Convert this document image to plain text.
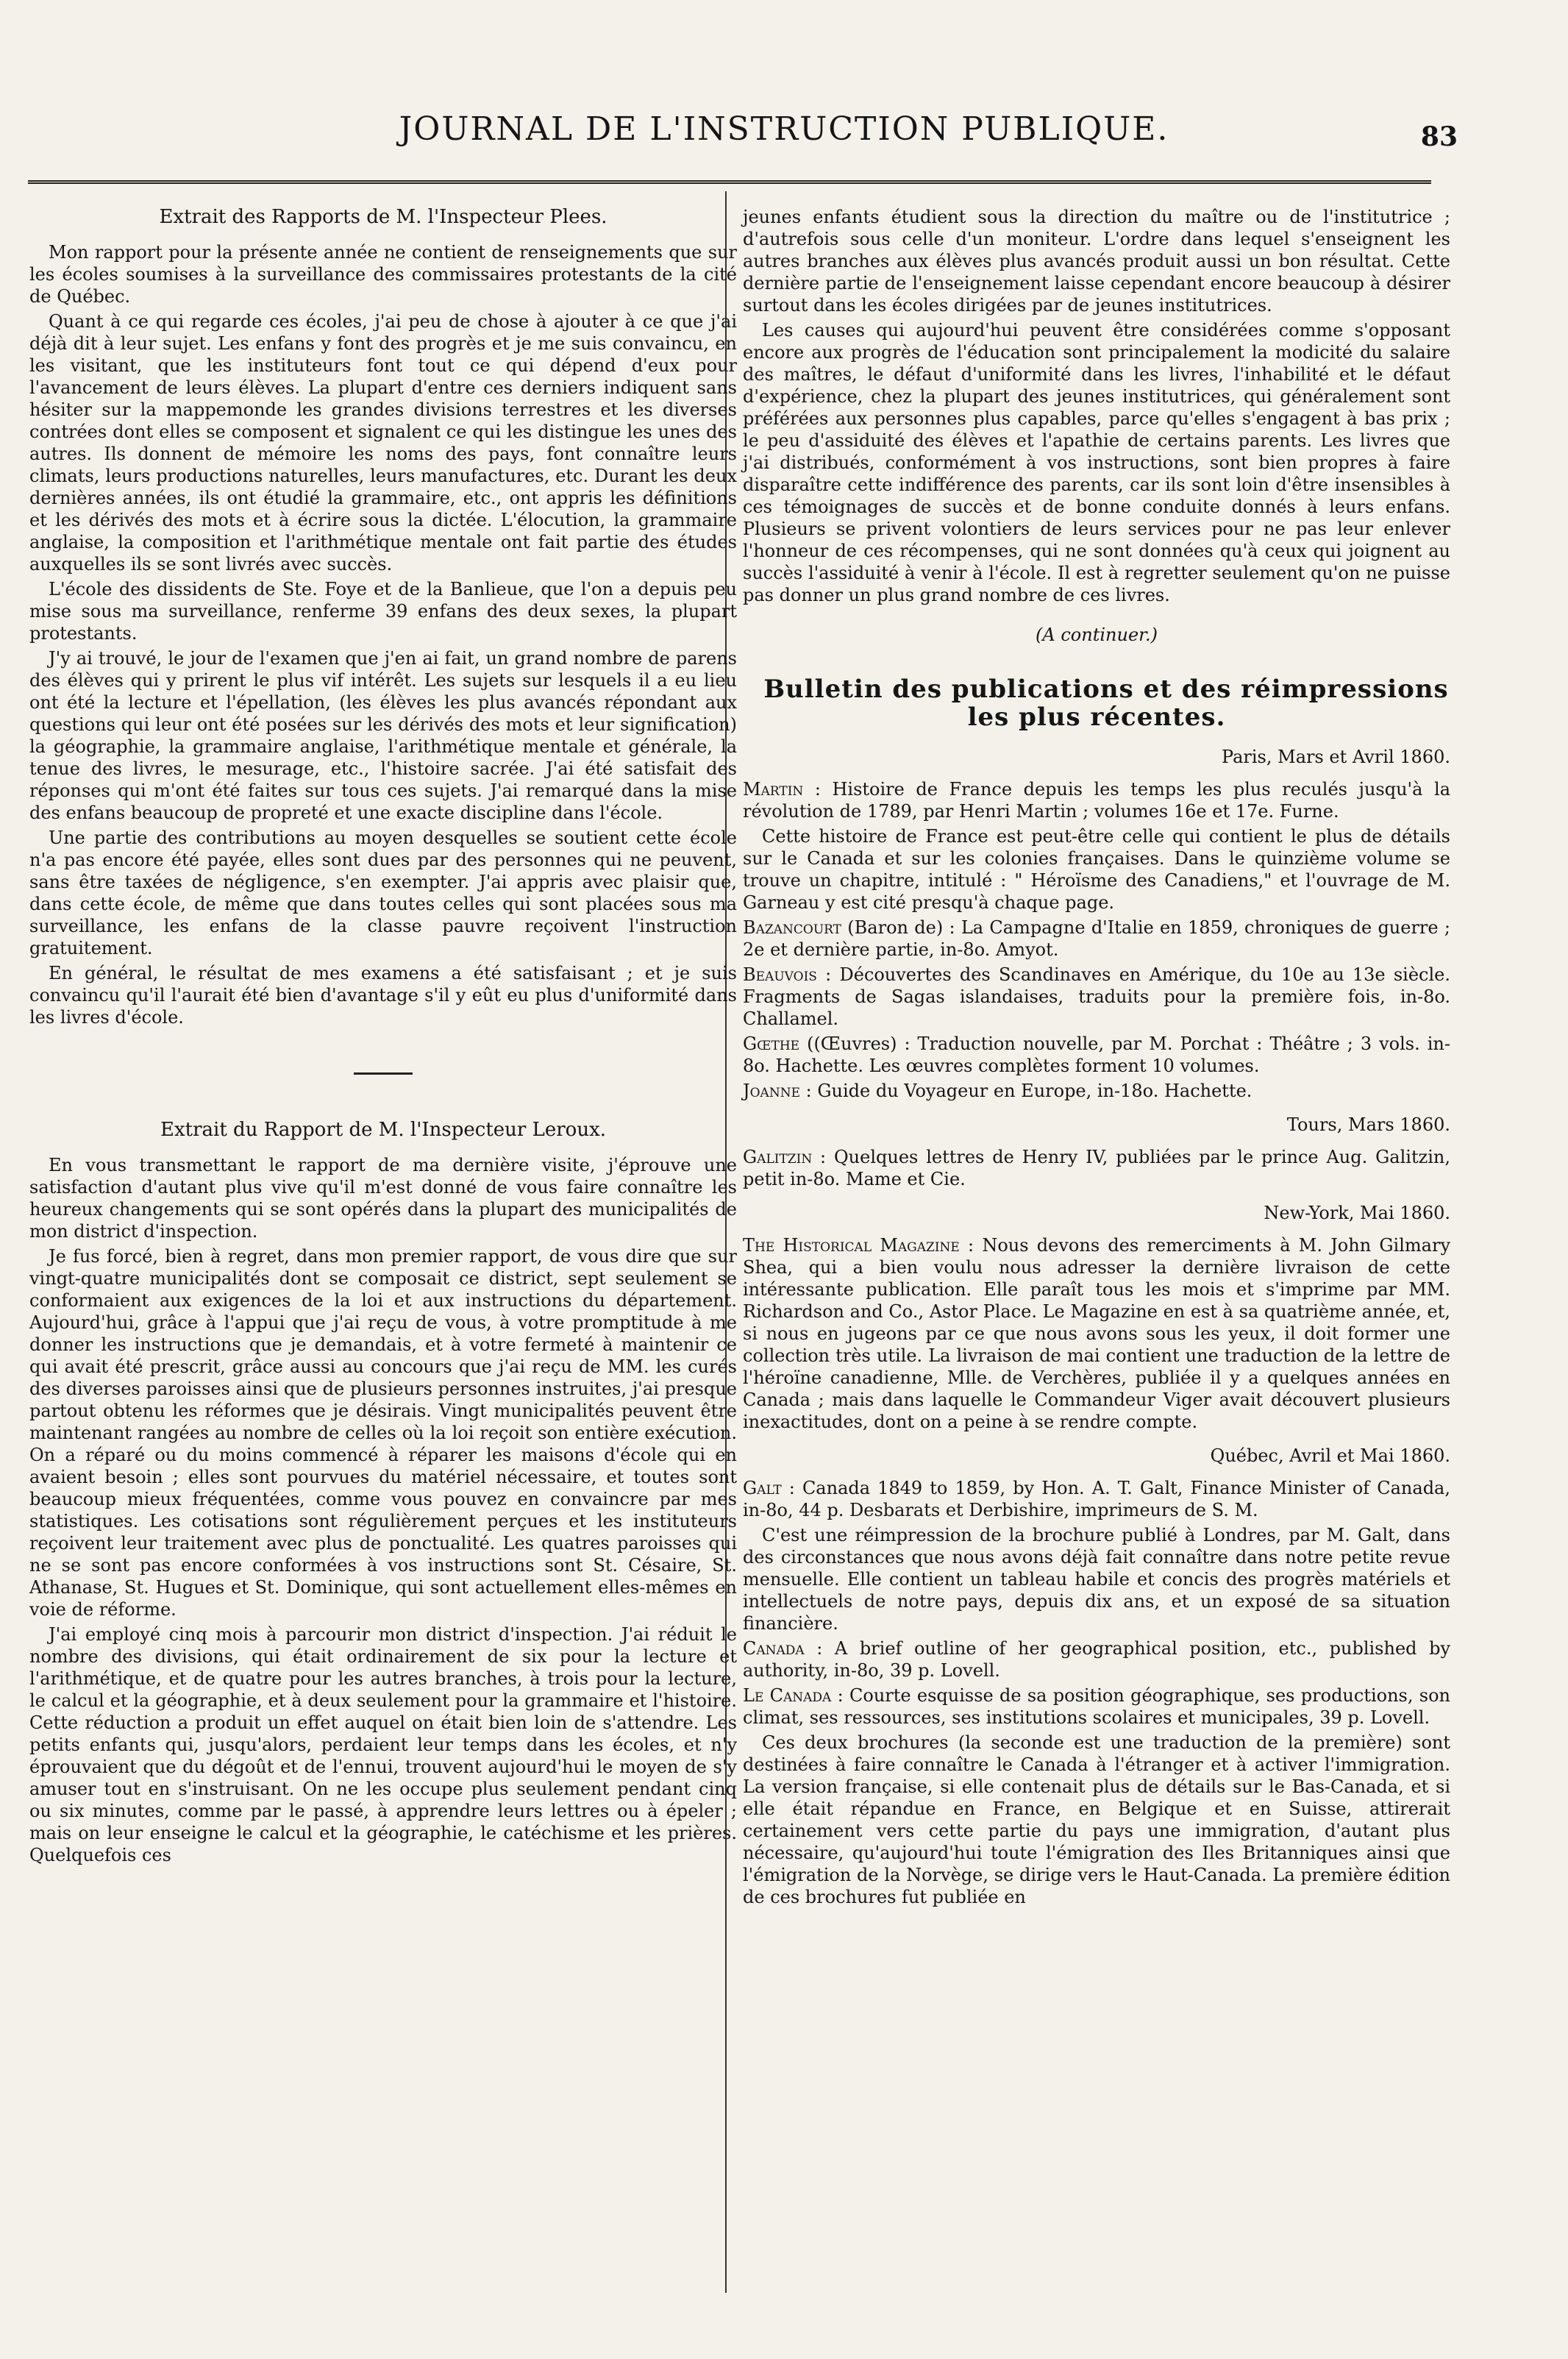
JOURNAL DE L'INSTRUCTION PUBLIQUE.	83

Extrait des Rapports de M. l'Inspecteur Plees.

Mon rapport pour la présente année ne contient de renseignements que sur les écoles soumises à la surveillance des commissaires protestants de la cité de Québec.

Quant à ce qui regarde ces écoles, j'ai peu de chose à ajouter à ce que j'ai déjà dit à leur sujet. Les enfans y font des progrès et je me suis convaincu, en les visitant, que les instituteurs font tout ce qui dépend d'eux pour l'avancement de leurs élèves. La plupart d'entre ces derniers indiquent sans hésiter sur la mappemonde les grandes divisions terrestres et les diverses contrées dont elles se composent et signalent ce qui les distingue les unes des autres. Ils donnent de mémoire les noms des pays, font connaître leurs climats, leurs productions naturelles, leurs manufactures, etc. Durant les deux dernières années, ils ont étudié la grammaire, etc., ont appris les définitions et les dérivés des mots et à écrire sous la dictée. L'élocution, la grammaire anglaise, la composition et l'arithmétique mentale ont fait partie des études auxquelles ils se sont livrés avec succès.

L'école des dissidents de Ste. Foye et de la Banlieue, que l'on a depuis peu mise sous ma surveillance, renferme 39 enfans des deux sexes, la plupart protestants.

J'y ai trouvé, le jour de l'examen que j'en ai fait, un grand nombre de parens des élèves qui y prirent le plus vif intérêt. Les sujets sur lesquels il a eu lieu ont été la lecture et l'épellation, (les élèves les plus avancés répondant aux questions qui leur ont été posées sur les dérivés des mots et leur signification) la géographie, la grammaire anglaise, l'arithmétique mentale et générale, la tenue des livres, le mesurage, etc., l'histoire sacrée. J'ai été satisfait des réponses qui m'ont été faites sur tous ces sujets. J'ai remarqué dans la mise des enfans beaucoup de propreté et une exacte discipline dans l'école.

Une partie des contributions au moyen desquelles se soutient cette école n'a pas encore été payée, elles sont dues par des personnes qui ne peuvent, sans être taxées de négligence, s'en exempter. J'ai appris avec plaisir que, dans cette école, de même que dans toutes celles qui sont placées sous ma surveillance, les enfans de la classe pauvre reçoivent l'instruction gratuitement.

En général, le résultat de mes examens a été satisfaisant ; et je suis convaincu qu'il l'aurait été bien d'avantage s'il y eût eu plus d'uniformité dans les livres d'école.

Extrait du Rapport de M. l'Inspecteur Leroux.

En vous transmettant le rapport de ma dernière visite, j'éprouve une satisfaction d'autant plus vive qu'il m'est donné de vous faire connaître les heureux changements qui se sont opérés dans la plupart des municipalités de mon district d'inspection.

Je fus forcé, bien à regret, dans mon premier rapport, de vous dire que sur vingt-quatre municipalités dont se composait ce district, sept seulement se conformaient aux exigences de la loi et aux instructions du département. Aujourd'hui, grâce à l'appui que j'ai reçu de vous, à votre promptitude à me donner les instructions que je demandais, et à votre fermeté à maintenir ce qui avait été prescrit, grâce aussi au concours que j'ai reçu de MM. les curés des diverses paroisses ainsi que de plusieurs personnes instruites, j'ai presque partout obtenu les réformes que je désirais. Vingt municipalités peuvent être maintenant rangées au nombre de celles où la loi reçoit son entière exécution. On a réparé ou du moins commencé à réparer les maisons d'école qui en avaient besoin ; elles sont pourvues du matériel nécessaire, et toutes sont beaucoup mieux fréquentées, comme vous pouvez en convaincre par mes statistiques. Les cotisations sont régulièrement perçues et les instituteurs reçoivent leur traitement avec plus de ponctualité. Les quatres paroisses qui ne se sont pas encore conformées à vos instructions sont St. Césaire, St. Athanase, St. Hugues et St. Dominique, qui sont actuellement elles-mêmes en voie de réforme.

J'ai employé cinq mois à parcourir mon district d'inspection. J'ai réduit le nombre des divisions, qui était ordinairement de six pour la lecture et l'arithmétique, et de quatre pour les autres branches, à trois pour la lecture, le calcul et la géographie, et à deux seulement pour la grammaire et l'histoire. Cette réduction a produit un effet auquel on était bien loin de s'attendre. Les petits enfants qui, jusqu'alors, perdaient leur temps dans les écoles, et n'y éprouvaient que du dégoût et de l'ennui, trouvent aujourd'hui le moyen de s'y amuser tout en s'instruisant. On ne les occupe plus seulement pendant cinq ou six minutes, comme par le passé, à apprendre leurs lettres ou à épeler ; mais on leur enseigne le calcul et la géographie, le catéchisme et les prières. Quelquefois ces

jeunes enfants étudient sous la direction du maître ou de l'institutrice ; d'autrefois sous celle d'un moniteur. L'ordre dans lequel s'enseignent les autres branches aux élèves plus avancés produit aussi un bon résultat. Cette dernière partie de l'enseignement laisse cependant encore beaucoup à désirer surtout dans les écoles dirigées par de jeunes institutrices.

Les causes qui aujourd'hui peuvent être considérées comme s'opposant encore aux progrès de l'éducation sont principalement la modicité du salaire des maîtres, le défaut d'uniformité dans les livres, l'inhabilité et le défaut d'expérience, chez la plupart des jeunes institutrices, qui généralement sont préférées aux personnes plus capables, parce qu'elles s'engagent à bas prix ; le peu d'assiduité des élèves et l'apathie de certains parents. Les livres que j'ai distribués, conformément à vos instructions, sont bien propres à faire disparaître cette indifférence des parents, car ils sont loin d'être insensibles à ces témoignages de succès et de bonne conduite donnés à leurs enfans. Plusieurs se privent volontiers de leurs services pour ne pas leur enlever l'honneur de ces récompenses, qui ne sont données qu'à ceux qui joignent au succès l'assiduité à venir à l'école. Il est à regretter seulement qu'on ne puisse pas donner un plus grand nombre de ces livres.

(A continuer.)

Bulletin des publications et des réimpressions les plus récentes.

Paris, Mars et Avril 1860.

Martin : Histoire de France depuis les temps les plus reculés jusqu'à la révolution de 1789, par Henri Martin ; volumes 16e et 17e. Furne.

Cette histoire de France est peut-être celle qui contient le plus de détails sur le Canada et sur les colonies françaises. Dans le quinzième volume se trouve un chapitre, intitulé : " Héroïsme des Canadiens," et l'ouvrage de M. Garneau y est cité presqu'à chaque page.

Bazancourt (Baron de) : La Campagne d'Italie en 1859, chroniques de guerre ; 2e et dernière partie, in-8o. Amyot.

Beauvois : Découvertes des Scandinaves en Amérique, du 10e au 13e siècle. Fragments de Sagas islandaises, traduits pour la première fois, in-8o. Challamel.

Gœthe ((Œuvres) : Traduction nouvelle, par M. Porchat : Théâtre ; 3 vols. in-8o. Hachette. Les œuvres complètes forment 10 volumes.

Joanne : Guide du Voyageur en Europe, in-18o. Hachette.

Tours, Mars 1860.

Galitzin : Quelques lettres de Henry IV, publiées par le prince Aug. Galitzin, petit in-8o. Mame et Cie.

New-York, Mai 1860.

The Historical Magazine : Nous devons des remerciments à M. John Gilmary Shea, qui a bien voulu nous adresser la dernière livraison de cette intéressante publication. Elle paraît tous les mois et s'imprime par MM. Richardson and Co., Astor Place. Le Magazine en est à sa quatrième année, et, si nous en jugeons par ce que nous avons sous les yeux, il doit former une collection très utile. La livraison de mai contient une traduction de la lettre de l'héroïne canadienne, Mlle. de Verchères, publiée il y a quelques années en Canada ; mais dans laquelle le Commandeur Viger avait découvert plusieurs inexactitudes, dont on a peine à se rendre compte.

Québec, Avril et Mai 1860.

Galt : Canada 1849 to 1859, by Hon. A. T. Galt, Finance Minister of Canada, in-8o, 44 p. Desbarats et Derbishire, imprimeurs de S. M.

C'est une réimpression de la brochure publié à Londres, par M. Galt, dans des circonstances que nous avons déjà fait connaître dans notre petite revue mensuelle. Elle contient un tableau habile et concis des progrès matériels et intellectuels de notre pays, depuis dix ans, et un exposé de sa situation financière.

Canada : A brief outline of her geographical position, etc., published by authority, in-8o, 39 p. Lovell.

Le Canada : Courte esquisse de sa position géographique, ses productions, son climat, ses ressources, ses institutions scolaires et municipales, 39 p. Lovell.

Ces deux brochures (la seconde est une traduction de la première) sont destinées à faire connaître le Canada à l'étranger et à activer l'immigration. La version française, si elle contenait plus de détails sur le Bas-Canada, et si elle était répandue en France, en Belgique et en Suisse, attirerait certainement vers cette partie du pays une immigration, d'autant plus nécessaire, qu'aujourd'hui toute l'émigration des Iles Britanniques ainsi que l'émigration de la Norvège, se dirige vers le Haut-Canada. La première édition de ces brochures fut publiée en
